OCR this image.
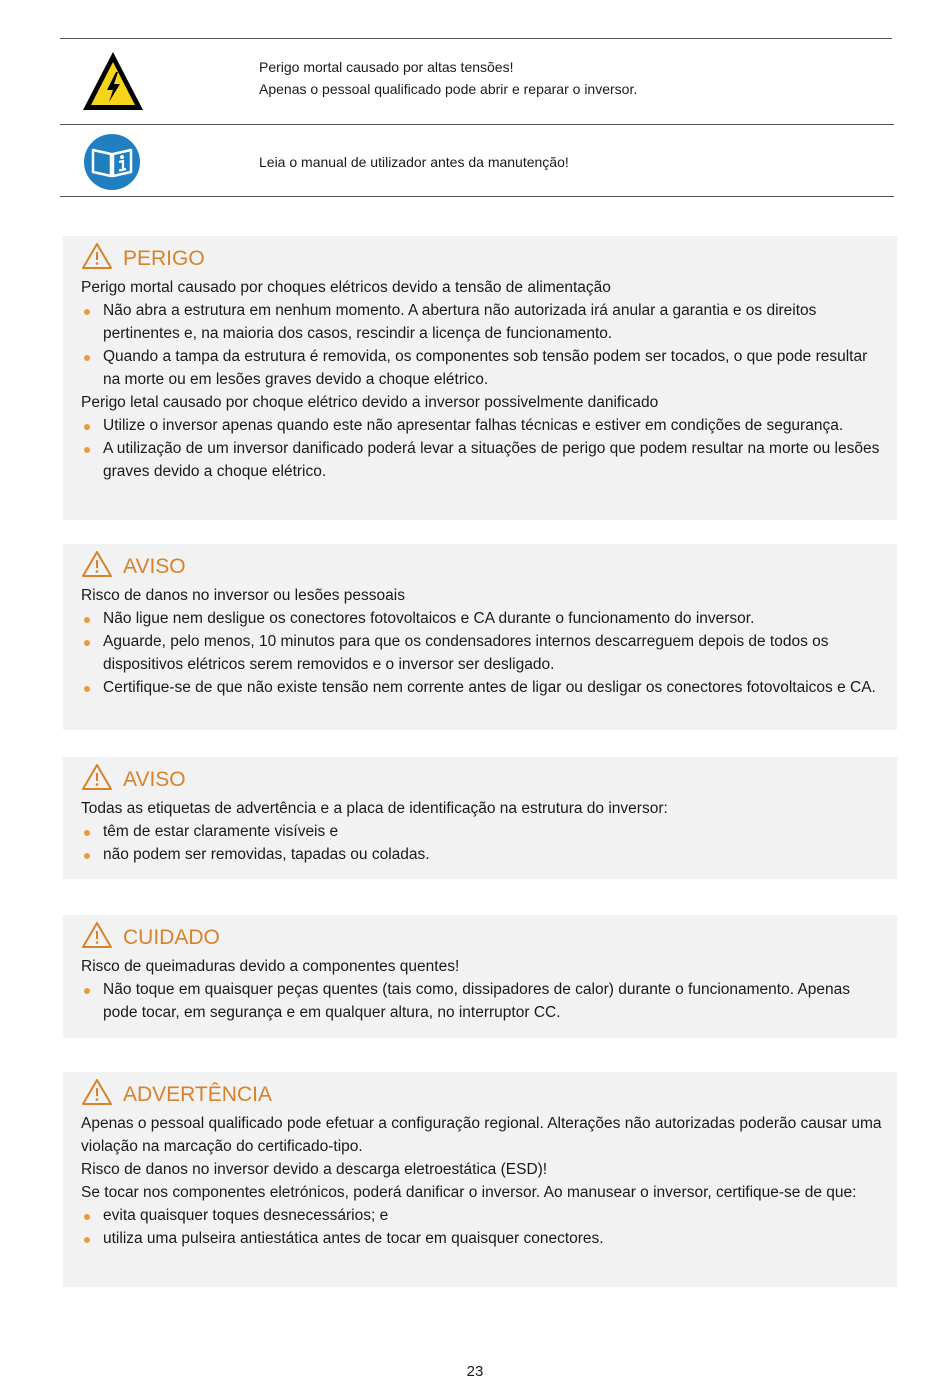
Perigo mortal causado por altas tensões!
Apenas o pessoal qualificado pode abrir e reparar o inversor.
Leia o manual de utilizador antes da manutenção!
PERIGO

Perigo mortal causado por choques elétricos devido a tensão de alimentação

Não abra a estrutura em nenhum momento. A abertura não autorizada irá anular a garantia e os direitos pertinentes e, na maioria dos casos, rescindir a licença de funcionamento.
Quando a tampa da estrutura é removida, os componentes sob tensão podem ser tocados, o que pode resultar na morte ou em lesões graves devido a choque elétrico.

Perigo letal causado por choque elétrico devido a inversor possivelmente danificado

Utilize o inversor apenas quando este não apresentar falhas técnicas e estiver em condições de segurança.
A utilização de um inversor danificado poderá levar a situações de perigo que podem resultar na morte ou lesões graves devido a choque elétrico.
AVISO

Risco de danos no inversor ou lesões pessoais

Não ligue nem desligue os conectores fotovoltaicos e CA durante o funcionamento do inversor.
Aguarde, pelo menos, 10 minutos para que os condensadores internos descarreguem depois de todos os dispositivos elétricos serem removidos e o inversor ser desligado.
Certifique-se de que não existe tensão nem corrente antes de ligar ou desligar os conectores fotovoltaicos e CA.
AVISO

Todas as etiquetas de advertência e a placa de identificação na estrutura do inversor:

têm de estar claramente visíveis e
não podem ser removidas, tapadas ou coladas.
CUIDADO

Risco de queimaduras devido a componentes quentes!

Não toque em quaisquer peças quentes (tais como, dissipadores de calor) durante o funcionamento. Apenas pode tocar, em segurança e em qualquer altura, no interruptor CC.
ADVERTÊNCIA

Apenas o pessoal qualificado pode efetuar a configuração regional. Alterações não autorizadas poderão causar uma violação na marcação do certificado-tipo.

Risco de danos no inversor devido a descarga eletroestática (ESD)!

Se tocar nos componentes eletrónicos, poderá danificar o inversor. Ao manusear o inversor, certifique-se de que:

evita quaisquer toques desnecessários; e
utiliza uma pulseira antiestática antes de tocar em quaisquer conectores.
23
